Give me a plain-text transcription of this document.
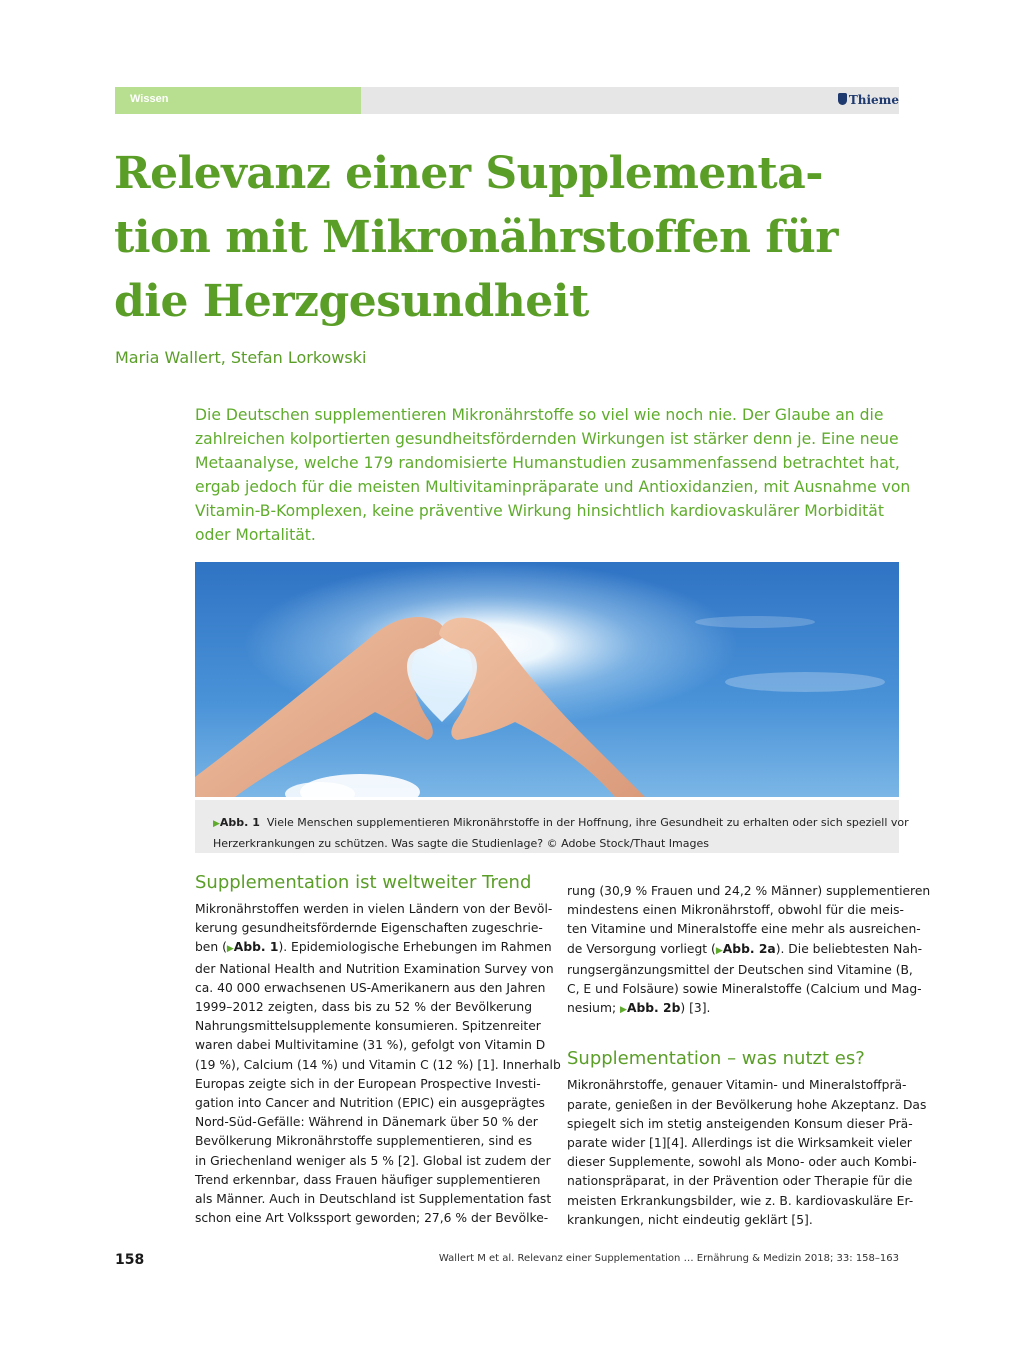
Wissen	Thieme
Relevanz einer Supplementa-
tion mit Mikronährstoffen für
die Herzgesundheit
Maria Wallert, Stefan Lorkowski
Die Deutschen supplementieren Mikronährstoffe so viel wie noch nie. Der Glaube an die
zahlreichen kolportierten gesundheitsfördernden Wirkungen ist stärker denn je. Eine neue
Metaanalyse, welche 179 randomisierte Humanstudien zusammenfassend betrachtet hat,
ergab jedoch für die meisten Multivitaminpräparate und Antioxidanzien, mit Ausnahme von
Vitamin-B-Komplexen, keine präventive Wirkung hinsichtlich kardiovaskulärer Morbidität
oder Mortalität.
▶Abb. 1 Viele Menschen supplementieren Mikronährstoffe in der Hoffnung, ihre Gesundheit zu erhalten oder sich speziell vor
Herzerkrankungen zu schützen. Was sagte die Studienlage? © Adobe Stock/Thaut Images
Supplementation ist weltweiter Trend

Mikronährstoffen werden in vielen Ländern von der Bevöl-
kerung gesundheitsfördernde Eigenschaften zugeschrie-
ben (▶Abb. 1). Epidemiologische Erhebungen im Rahmen
der National Health and Nutrition Examination Survey von
ca. 40 000 erwachsenen US-Amerikanern aus den Jahren
1999–2012 zeigten, dass bis zu 52 % der Bevölkerung
Nahrungsmittelsupplemente konsumieren. Spitzenreiter
waren dabei Multivitamine (31 %), gefolgt von Vitamin D
(19 %), Calcium (14 %) und Vitamin C (12 %) [1]. Innerhalb
Europas zeigte sich in der European Prospective Investi-
gation into Cancer and Nutrition (EPIC) ein ausgeprägtes
Nord-Süd-Gefälle: Während in Dänemark über 50 % der
Bevölkerung Mikronährstoffe supplementieren, sind es
in Griechenland weniger als 5 % [2]. Global ist zudem der
Trend erkennbar, dass Frauen häufiger supplementieren
als Männer. Auch in Deutschland ist Supplementation fast
schon eine Art Volkssport geworden; 27,6 % der Bevölke-

rung (30,9 % Frauen und 24,2 % Männer) supplementieren
mindestens einen Mikronährstoff, obwohl für die meis-
ten Vitamine und Mineralstoffe eine mehr als ausreichen-
de Versorgung vorliegt (▶Abb. 2a). Die beliebtesten Nah-
rungsergänzungsmittel der Deutschen sind Vitamine (B,
C, E und Folsäure) sowie Mineralstoffe (Calcium und Mag-
nesium; ▶Abb. 2b) [3].

Supplementation – was nutzt es?

Mikronährstoffe, genauer Vitamin- und Mineralstoffprä-
parate, genießen in der Bevölkerung hohe Akzeptanz. Das
spiegelt sich im stetig ansteigenden Konsum dieser Prä-
parate wider [1][4]. Allerdings ist die Wirksamkeit vieler
dieser Supplemente, sowohl als Mono- oder auch Kombi-
nationspräparat, in der Prävention oder Therapie für die
meisten Erkrankungsbilder, wie z. B. kardiovaskuläre Er-
krankungen, nicht eindeutig geklärt [5].

158	Wallert M et al. Relevanz einer Supplementation … Ernährung & Medizin 2018; 33: 158–163
